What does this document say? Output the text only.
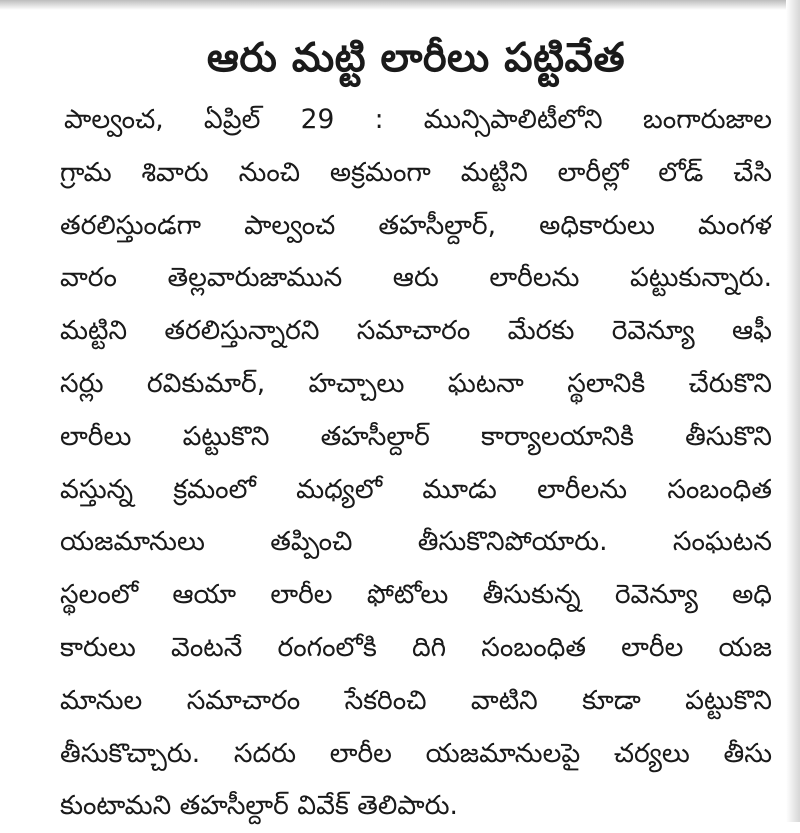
ఆరు మట్టి లారీలు పట్టివేత
పాల్వంచ, ఏప్రిల్ 29 : మున్సిపాలిటీలోని బంగారుజాల
గ్రామ శివారు నుంచి అక్రమంగా మట్టిని లారీల్లో లోడ్ చేసి
తరలిస్తుండగా పాల్వంచ తహసీల్దార్, అధికారులు మంగళ
వారం తెల్లవారుజామున ఆరు లారీలను పట్టుకున్నారు.
మట్టిని తరలిస్తున్నారని సమాచారం మేరకు రెవెన్యూ ఆఫీ
సర్లు రవికుమార్, హచ్చాలు ఘటనా స్థలానికి చేరుకొని
లారీలు పట్టుకొని తహసీల్దార్ కార్యాలయానికి తీసుకొని
వస్తున్న క్రమంలో మధ్యలో మూడు లారీలను సంబంధిత
యజమానులు తప్పించి తీసుకొనిపోయారు. సంఘటన
స్థలంలో ఆయా లారీల ఫోటోలు తీసుకున్న రెవెన్యూ అధి
కారులు వెంటనే రంగంలోకి దిగి సంబంధిత లారీల యజ
మానుల సమాచారం సేకరించి వాటిని కూడా పట్టుకొని
తీసుకొచ్చారు. సదరు లారీల యజమానులపై చర్యలు తీసు
కుంటామని తహసీల్దార్ వివేక్ తెలిపారు.
